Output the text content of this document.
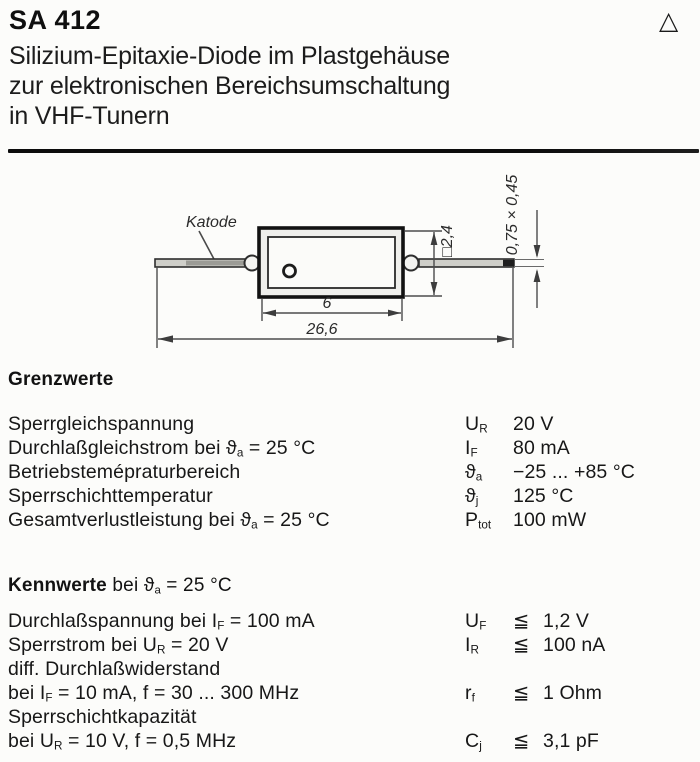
SA 412	△
Silizium-Epitaxie-Diode im Plastgehäuse
zur elektronischen Bereichsumschaltung
in VHF-Tunern
Katode
6
26,6
□2,4	0,75 × 0,45
Grenzwerte
Sperrgleichspannung	$U_R$	20 V
Durchlaßgleichstrom bei $ϑ_a = 25$ °C	$I_F$	80 mA
Betriebstemépraturbereich	$ϑ_a$	−25 ... +85 °C
Sperrschichttemperatur	$ϑ_j$	125 °C
Gesamtverlustleistung bei $ϑ_a = 25$ °C	$P_{tot}$	100 mW
Kennwerte bei $ϑ_a = 25$ °C
Durchlaßspannung bei $I_F = 100$ mA	$U_F$	≦ 1,2 V
Sperrstrom bei $U_R = 20$ V	$I_R$	≦ 100 nA
diff. Durchlaßwiderstand
bei $I_F = 10$ mA, f = 30 ... 300 MHz	$r_f$	≦ 1 Ohm
Sperrschichtkapazität
bei $U_R = 10$ V, f = 0,5 MHz	$C_j$	≦ 3,1 pF
